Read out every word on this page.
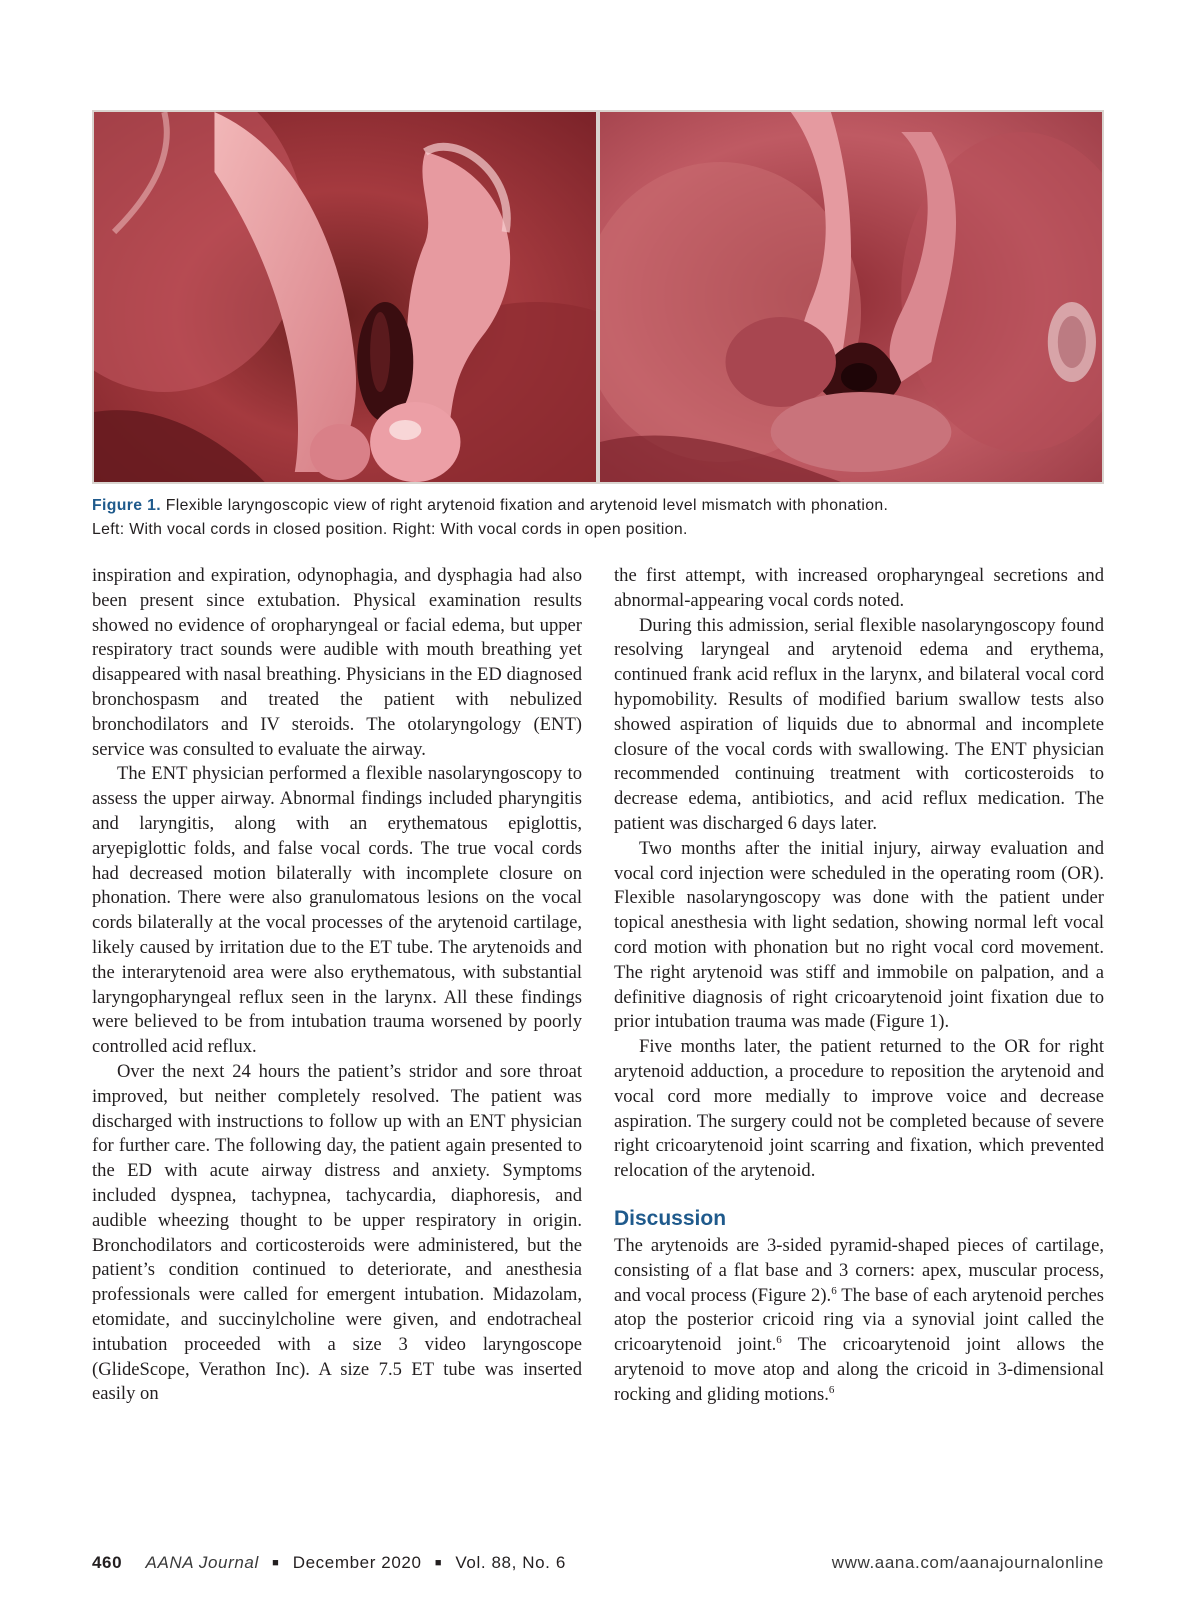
Figure 1. Flexible laryngoscopic view of right arytenoid fixation and arytenoid level mismatch with phonation.
Left: With vocal cords in closed position. Right: With vocal cords in open position.

inspiration and expiration, odynophagia, and dysphagia had also been present since extubation. Physical examination results showed no evidence of oropharyngeal or facial edema, but upper respiratory tract sounds were audible with mouth breathing yet disappeared with nasal breathing. Physicians in the ED diagnosed bronchospasm and treated the patient with nebulized bronchodilators and IV steroids. The otolaryngology (ENT) service was consulted to evaluate the airway.

The ENT physician performed a flexible nasolaryngoscopy to assess the upper airway. Abnormal findings included pharyngitis and laryngitis, along with an erythematous epiglottis, aryepiglottic folds, and false vocal cords. The true vocal cords had decreased motion bilaterally with incomplete closure on phonation. There were also granulomatous lesions on the vocal cords bilaterally at the vocal processes of the arytenoid cartilage, likely caused by irritation due to the ET tube. The arytenoids and the interarytenoid area were also erythematous, with substantial laryngopharyngeal reflux seen in the larynx. All these findings were believed to be from intubation trauma worsened by poorly controlled acid reflux.

Over the next 24 hours the patient’s stridor and sore throat improved, but neither completely resolved. The patient was discharged with instructions to follow up with an ENT physician for further care. The following day, the patient again presented to the ED with acute airway distress and anxiety. Symptoms included dyspnea, tachypnea, tachycardia, diaphoresis, and audible wheezing thought to be upper respiratory in origin. Bronchodilators and corticosteroids were administered, but the patient’s condition continued to deteriorate, and anesthesia professionals were called for emergent intubation. Midazolam, etomidate, and succinylcholine were given, and endotracheal intubation proceeded with a size 3 video laryngoscope (GlideScope, Verathon Inc). A size 7.5 ET tube was inserted easily on

the first attempt, with increased oropharyngeal secretions and abnormal-appearing vocal cords noted.

During this admission, serial flexible nasolaryngoscopy found resolving laryngeal and arytenoid edema and erythema, continued frank acid reflux in the larynx, and bilateral vocal cord hypomobility. Results of modified barium swallow tests also showed aspiration of liquids due to abnormal and incomplete closure of the vocal cords with swallowing. The ENT physician recommended continuing treatment with corticosteroids to decrease edema, antibiotics, and acid reflux medication. The patient was discharged 6 days later.

Two months after the initial injury, airway evaluation and vocal cord injection were scheduled in the operating room (OR). Flexible nasolaryngoscopy was done with the patient under topical anesthesia with light sedation, showing normal left vocal cord motion with phonation but no right vocal cord movement. The right arytenoid was stiff and immobile on palpation, and a definitive diagnosis of right cricoarytenoid joint fixation due to prior intubation trauma was made (Figure 1).

Five months later, the patient returned to the OR for right arytenoid adduction, a procedure to reposition the arytenoid and vocal cord more medially to improve voice and decrease aspiration. The surgery could not be completed because of severe right cricoarytenoid joint scarring and fixation, which prevented relocation of the arytenoid.

Discussion

The arytenoids are 3-sided pyramid-shaped pieces of cartilage, consisting of a flat base and 3 corners: apex, muscular process, and vocal process (Figure 2).$^6$ The base of each arytenoid perches atop the posterior cricoid ring via a synovial joint called the cricoarytenoid joint.$^6$ The cricoarytenoid joint allows the arytenoid to move atop and along the cricoid in 3-dimensional rocking and gliding motions.$^6$

460 AANA Journal ■ December 2020 ■ Vol. 88, No. 6	www.aana.com/aanajournalonline
